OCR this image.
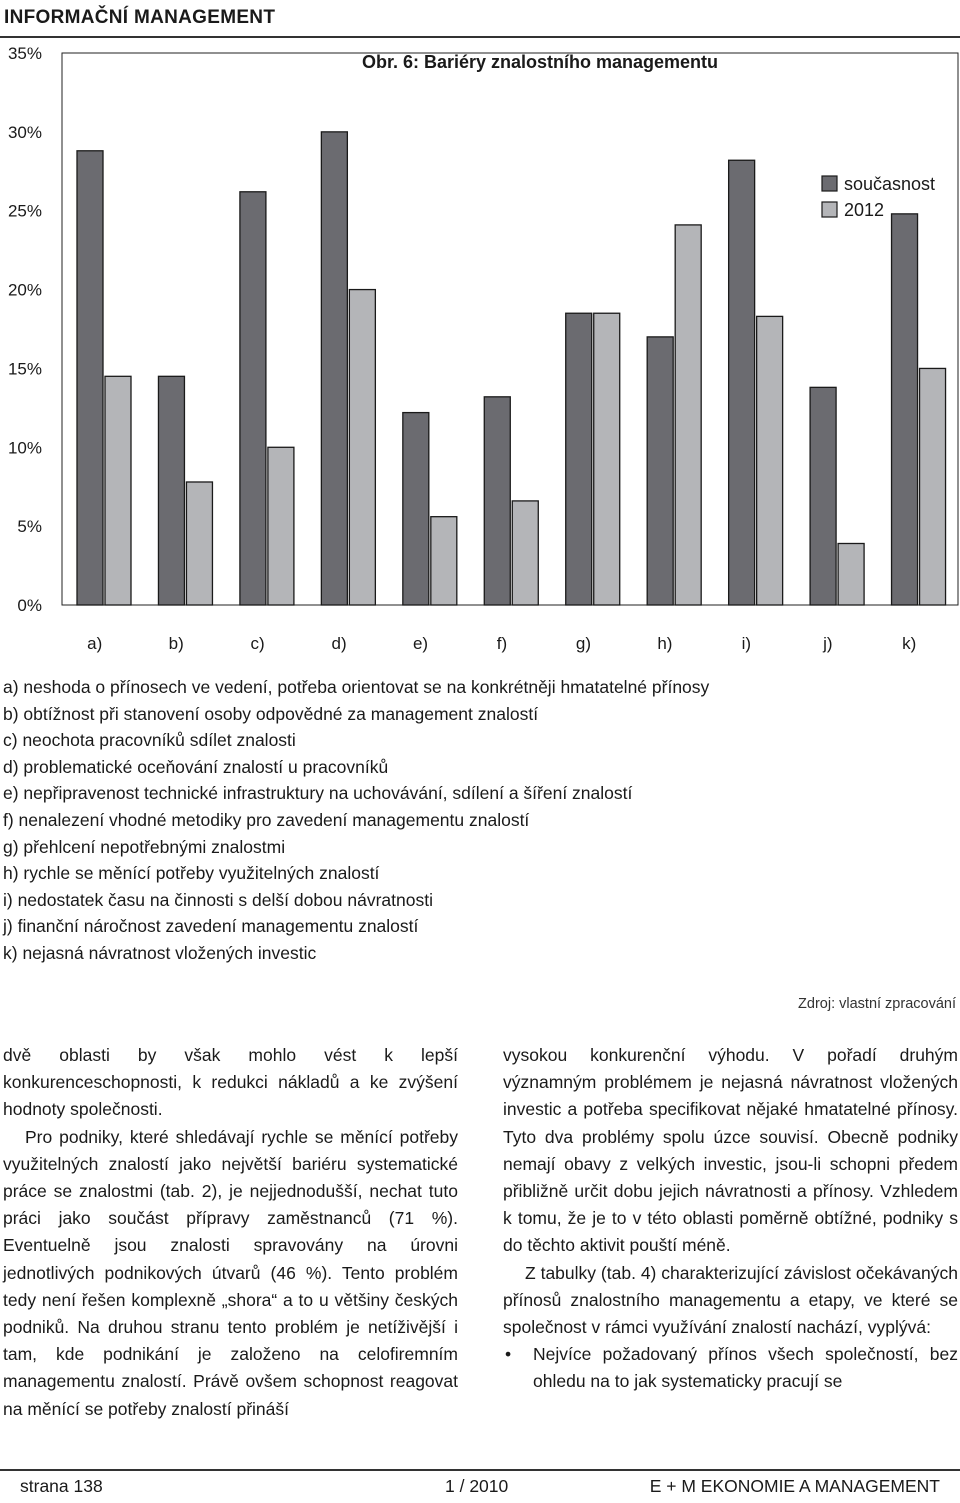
INFORMAČNÍ MANAGEMENT
Obr. 6: Bariéry znalostního managementu
0%
5%
10%
15%
20%
25%
30%
35%
a)	b)	c)	d)	e)	f)	g)	h)	i)	j)	k)
současnost
2012
a) neshoda o přínosech ve vedení, potřeba orientovat se na konkrétněji hmatatelné přínosy
b) obtížnost při stanovení osoby odpovědné za management znalostí
c) neochota pracovníků sdílet znalosti
d) problematické oceňování znalostí u pracovníků
e) nepřipravenost technické infrastruktury na uchovávání, sdílení a šíření znalostí
f) nenalezení vhodné metodiky pro zavedení managementu znalostí
g) přehlcení nepotřebnými znalostmi
h) rychle se měnící potřeby využitelných znalostí
i) nedostatek času na činnosti s delší dobou návratnosti
j) finanční náročnost zavedení managementu znalostí
k) nejasná návratnost vložených investic
Zdroj: vlastní zpracování

dvě oblasti by však mohlo vést k lepší konkurenceschopnosti, k redukci nákladů a ke zvýšení hodnoty společnosti.

Pro podniky, které shledávají rychle se měnící potřeby využitelných znalostí jako největší bariéru systematické práce se znalostmi (tab. 2), je nejjednodušší, nechat tuto práci jako součást přípravy zaměstnanců (71 %). Eventuelně jsou znalosti spravovány na úrovni jednotlivých podnikových útvarů (46 %). Tento problém tedy není řešen komplexně „shora“ a to u většiny českých podniků. Na druhou stranu tento problém je netíživější i tam, kde podnikání je založeno na celofiremním managementu znalostí. Právě ovšem schopnost reagovat na měnící se potřeby znalostí přináší

vysokou konkurenční výhodu. V pořadí druhým významným problémem je nejasná návratnost vložených investic a potřeba specifikovat nějaké hmatatelné přínosy. Tyto dva problémy spolu úzce souvisí. Obecně podniky nemají obavy z velkých investic, jsou-li schopni předem přibližně určit dobu jejich návratnosti a přínosy. Vzhledem k tomu, že je to v této oblasti poměrně obtížné, podniky s do těchto aktivit pouští méně.

Z tabulky (tab. 4) charakterizující závislost očekávaných přínosů znalostního managementu a etapy, ve které se společnost v rámci využívání znalostí nachází, vyplývá:

• Nejvíce požadovaný přínos všech společností, bez ohledu na to jak systematicky pracují se

strana 138	1 / 2010	E + M EKONOMIE A MANAGEMENT
